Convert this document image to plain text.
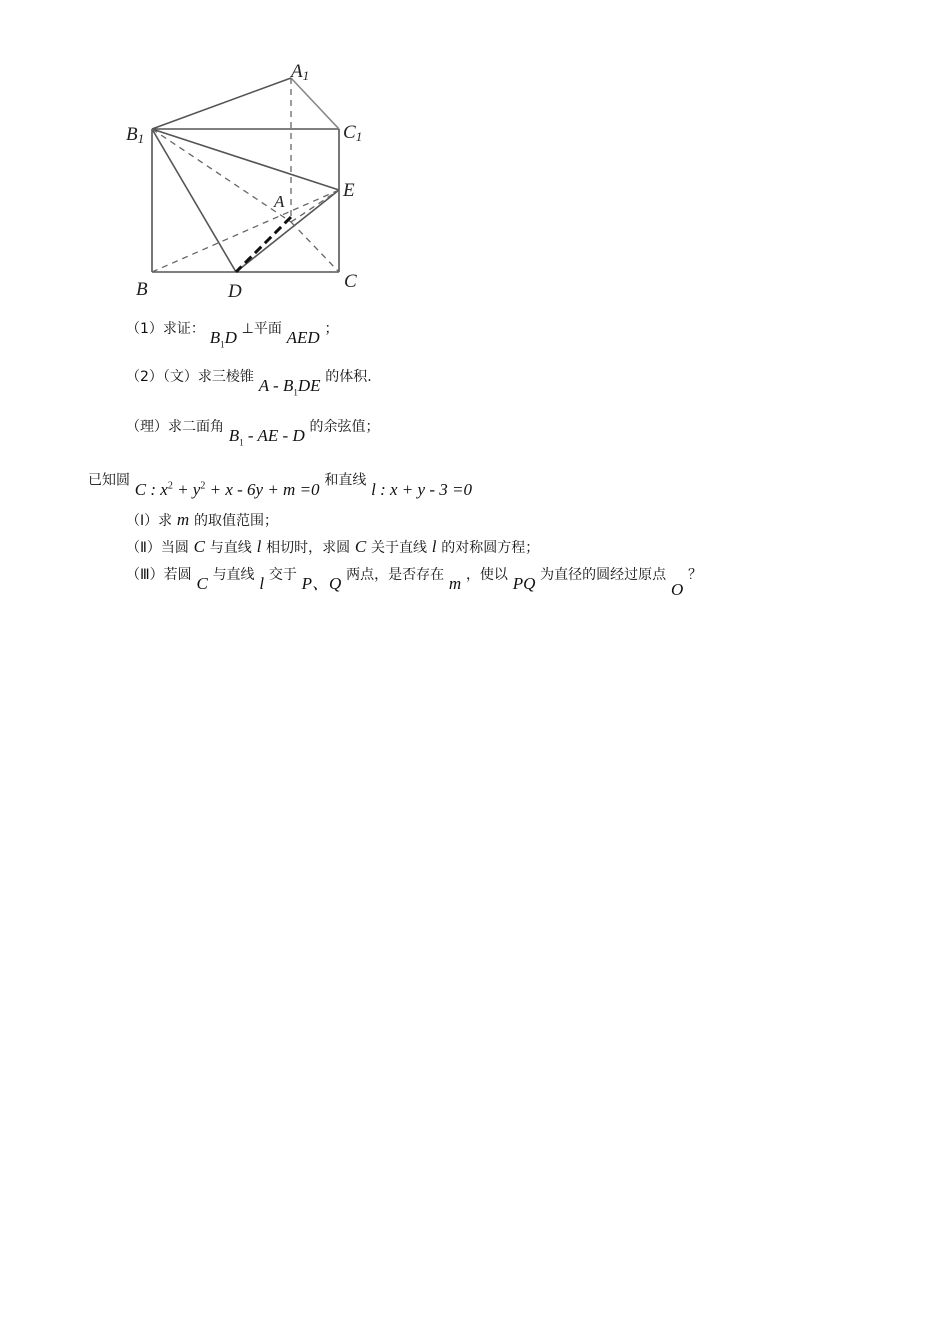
A1
B1	C1
E
A
B	D	C
（1）求证： $B_1D$ ⊥平面 AED ；
（2）（文）求三棱锥 A - $B_1DE$ 的体积.
（理）求二面角 $B_1$ - AE - D 的余弦值；
已知圆 C : $x^2 + y^2 + x - 6y + m =0$ 和直线 l : x + y - 3 =0
（Ⅰ）求 m 的取值范围；
（Ⅱ）当圆 C 与直线 l 相切时，求圆 C 关于直线 l 的对称圆方程；
（Ⅲ）若圆 C 与直线 l 交于 P、Q 两点，是否存在 m ，使以 PQ 为直径的圆经过原点 O ？
